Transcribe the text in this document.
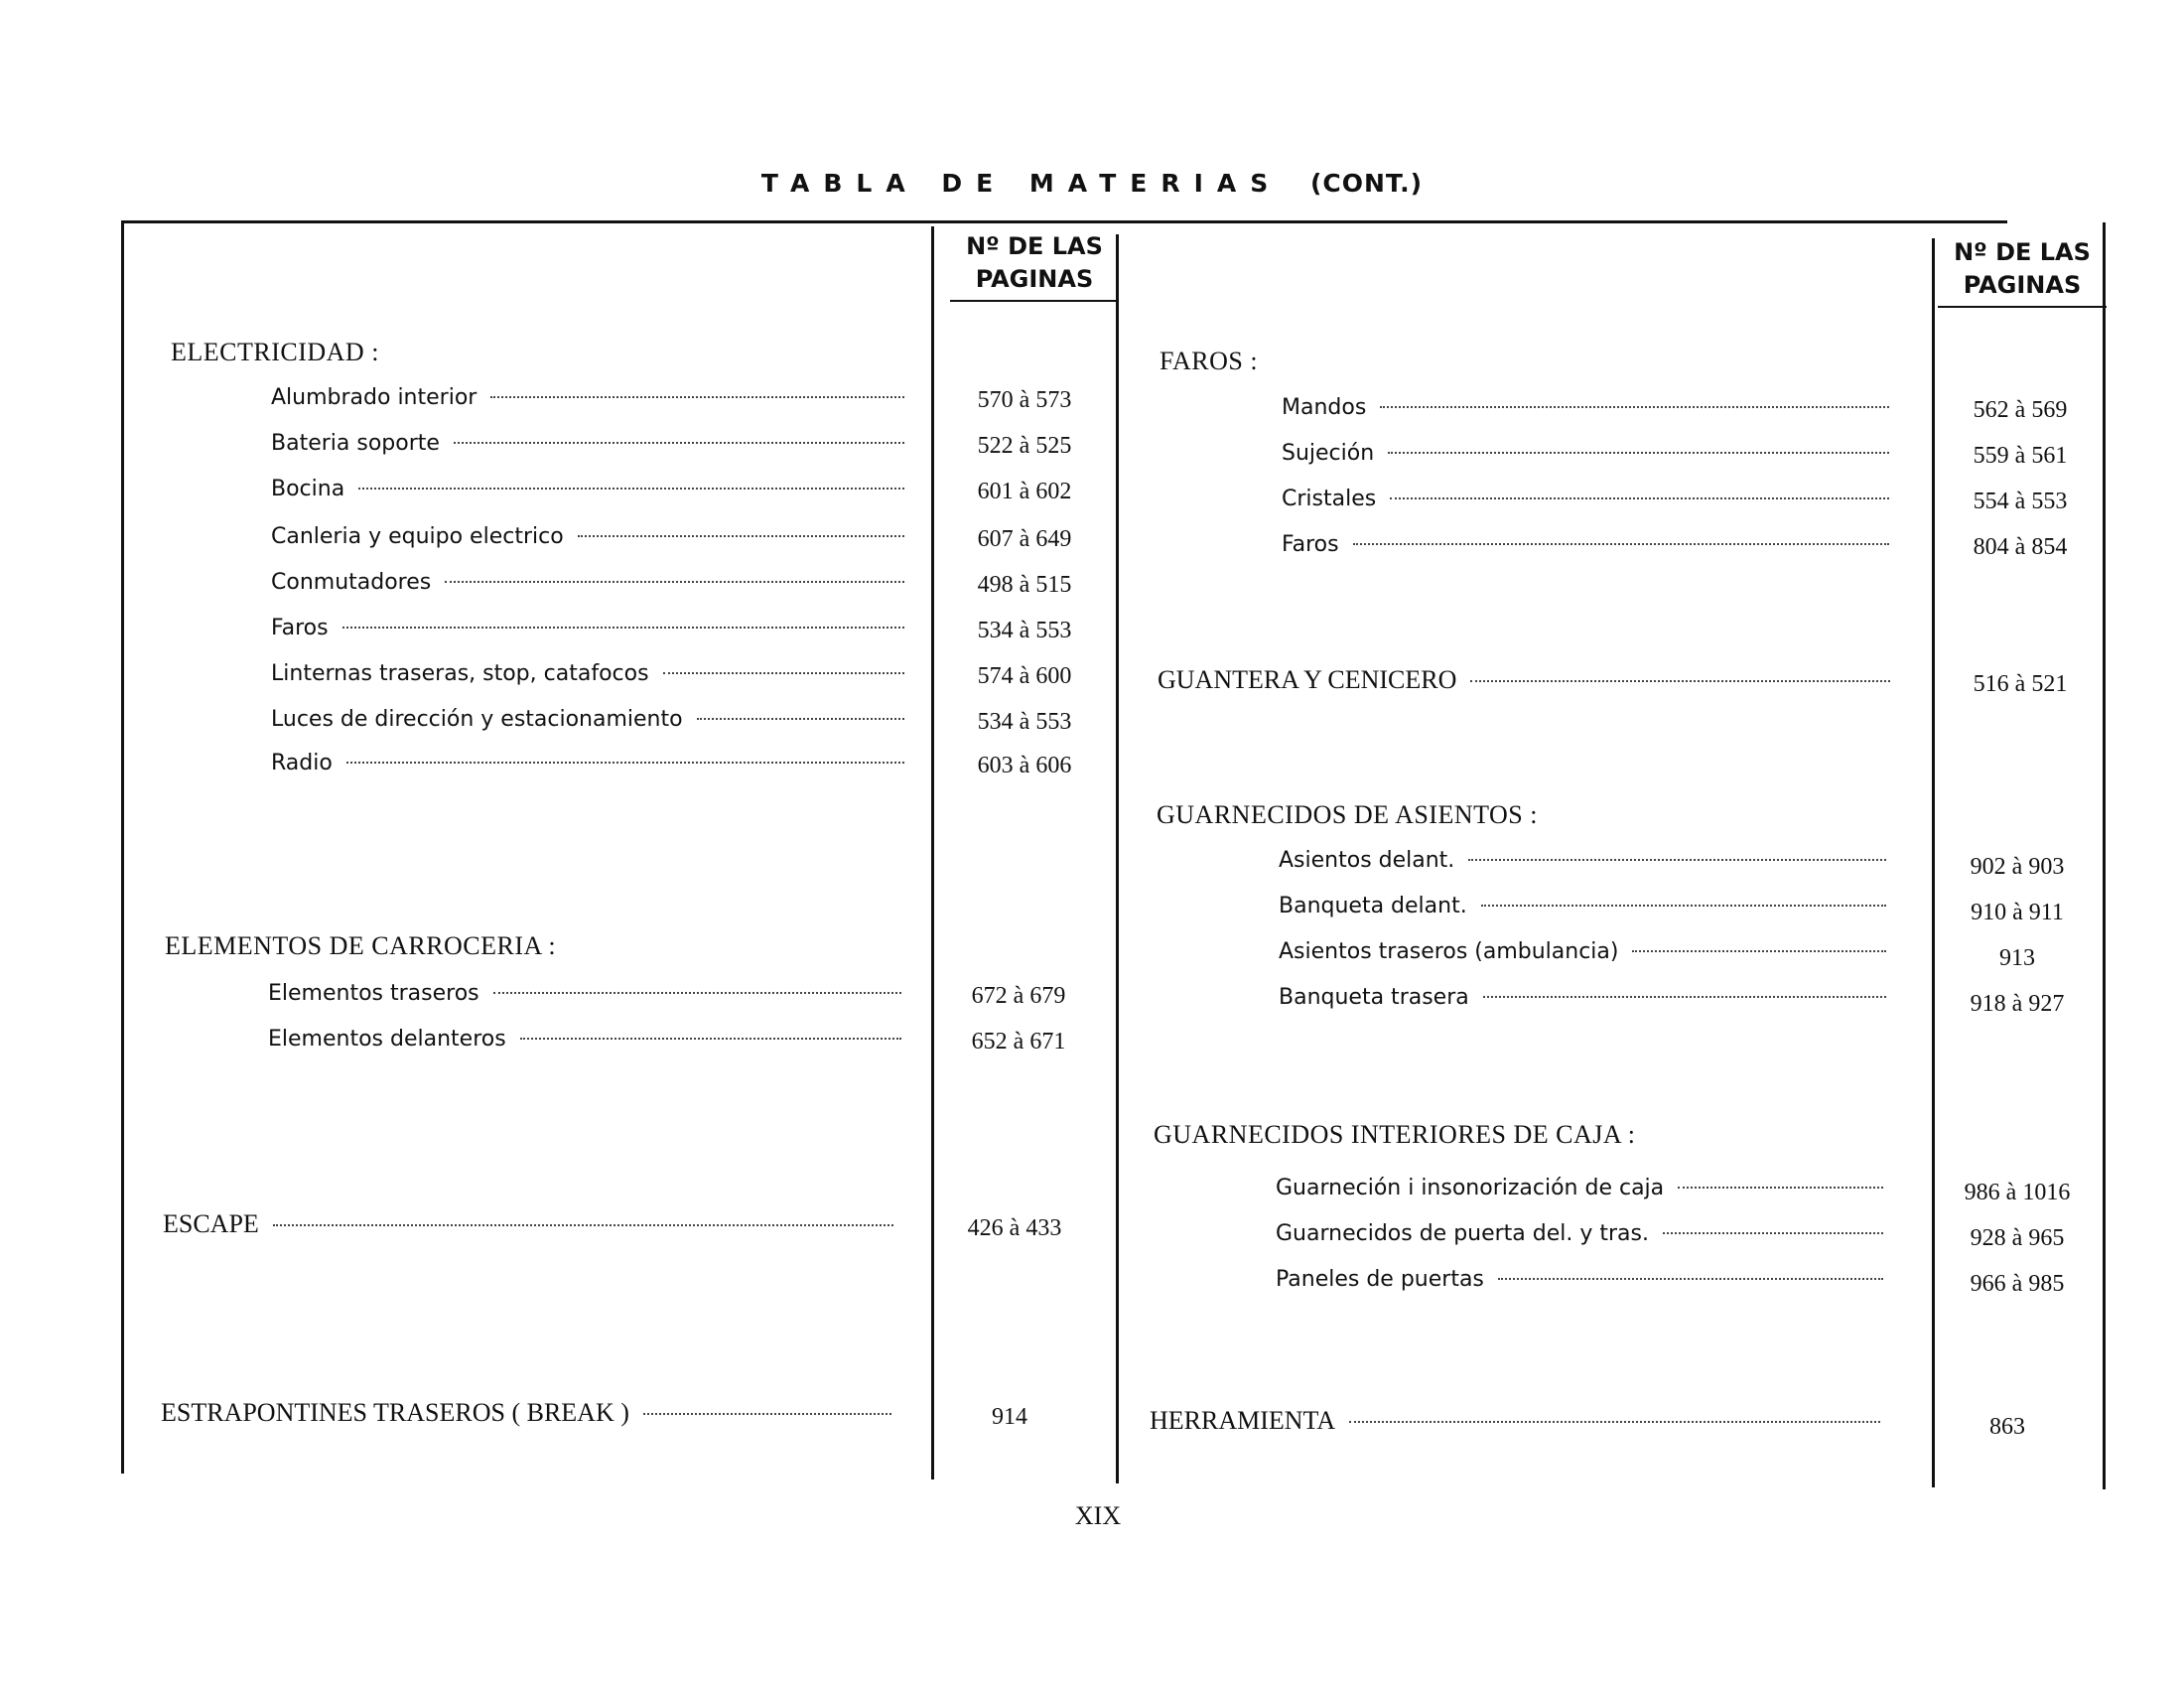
TABLA DE MATERIAS (CONT.)
Nº DE LAS PAGINAS
Nº DE LAS PAGINAS
ELECTRICIDAD :
Alumbrado interior	570 à 573
Bateria soporte	522 à 525
Bocina	601 à 602
Canleria y equipo electrico	607 à 649
Conmutadores	498 à 515
Faros	534 à 553
Linternas traseras, stop, catafocos	574 à 600
Luces de dirección y estacionamiento	534 à 553
Radio	603 à 606
ELEMENTOS DE CARROCERIA :
Elementos traseros	672 à 679
Elementos delanteros	652 à 671
ESCAPE	426 à 433
ESTRAPONTINES TRASEROS ( BREAK )	914
FAROS :
Mandos	562 à 569
Sujeción	559 à 561
Cristales	554 à 553
Faros	804 à 854
GUANTERA Y CENICERO	516 à 521
GUARNECIDOS DE ASIENTOS :
Asientos delant.	902 à 903
Banqueta delant.	910 à 911
Asientos traseros (ambulancia)	913
Banqueta trasera	918 à 927
GUARNECIDOS INTERIORES DE CAJA :
Guarneción i insonorización de caja	986 à 1016
Guarnecidos de puerta del. y tras.	928 à 965
Paneles de puertas	966 à 985
HERRAMIENTA	863
XIX
